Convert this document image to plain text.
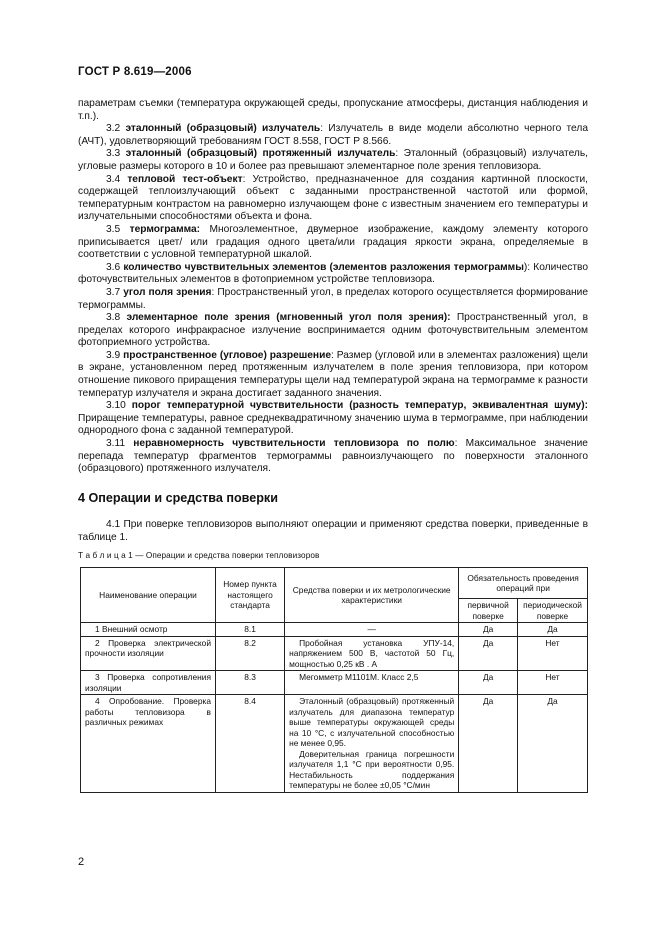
ГОСТ Р 8.619—2006

параметрам съемки (температура окружающей среды, пропускание атмосферы, дистанция наблюдения и т.п.).

3.2 эталонный (образцовый) излучатель: Излучатель в виде модели абсолютно черного тела (АЧТ), удовлетворяющий требованиям ГОСТ 8.558, ГОСТ Р 8.566.

3.3 эталонный (образцовый) протяженный излучатель: Эталонный (образцовый) излучатель, угловые размеры которого в 10 и более раз превышают элементарное поле зрения тепловизора.

3.4 тепловой тест-объект: Устройство, предназначенное для создания картинной плоскости, содержащей теплоизлучающий объект с заданными пространственной частотой или формой, температурным контрастом на равномерно излучающем фоне с известным значением его температуры и излучательными способностями объекта и фона.

3.5 термограмма: Многоэлементное, двумерное изображение, каждому элементу которого приписывается цвет/ или градация одного цвета/или градация яркости экрана, определяемые в соответствии с условной температурной шкалой.

3.6 количество чувствительных элементов (элементов разложения термограммы): Количество фоточувствительных элементов в фотоприемном устройстве тепловизора.

3.7 угол поля зрения: Пространственный угол, в пределах которого осуществляется формирование термограммы.

3.8 элементарное поле зрения (мгновенный угол поля зрения): Пространственный угол, в пределах которого инфракрасное излучение воспринимается одним фоточувствительным элементом фотоприемного устройства.

3.9 пространственное (угловое) разрешение: Размер (угловой или в элементах разложения) щели в экране, установленном перед протяженным излучателем в поле зрения тепловизора, при котором отношение пикового приращения температуры щели над температурой экрана на термограмме к разности температур излучателя и экрана достигает заданного значения.

3.10 порог температурной чувствительности (разность температур, эквивалентная шуму): Приращение температуры, равное среднеквадратичному значению шума в термограмме, при наблюдении однородного фона с заданной температурой.

3.11 неравномерность чувствительности тепловизора по полю: Максимальное значение перепада температур фрагментов термограммы равноизлучающего по поверхности эталонного (образцового) протяженного излучателя.

4 Операции и средства поверки

4.1 При поверке тепловизоров выполняют операции и применяют средства поверки, приведенные в таблице 1.

Т а б л и ц а 1 — Операции и средства поверки тепловизоров
Наименование операции	Номер пункта настоящего стандарта	Средства поверки и их метрологические характеристики	Обязательность проведения операций при	
			первичной поверке	периодической поверке
1 Внешний осмотр	8.1	—	Да	Да
2 Проверка электрической прочности изоляции	8.2	Пробойная установка УПУ-14, напряжением 500 В, частотой 50 Гц, мощностью 0,25 кВ . А	Да	Нет
3 Проверка сопротивления изоляции	8.3	Мегомметр М1101М. Класс 2,5	Да	Нет
4 Опробование. Проверка работы тепловизора в различных режимах	8.4	Эталонный (образцовый) протяженный излучатель для диапазона температур выше температуры окружающей среды на 10 °С, с излучательной способностью не менее 0,95.
Доверительная граница погрешности излучателя 1,1 °С при вероятности 0,95. Нестабильность поддержания температуры не более ±0,05 °С/мин	Да	Да
2
